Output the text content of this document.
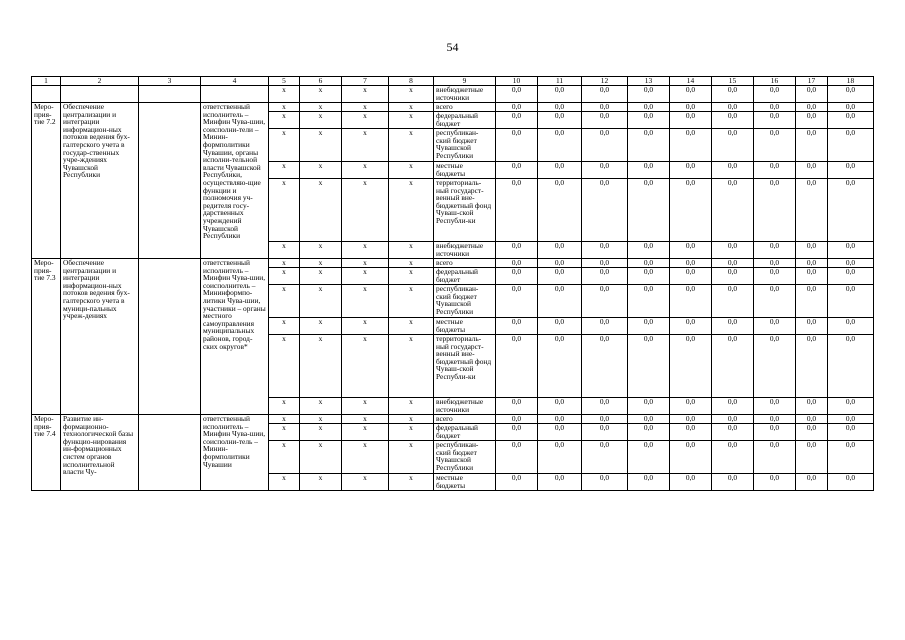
54
1	2	3	4	5	6	7	8	9	10	11	12	13	14	15	16	17	18
				x	x	x	x	внебюджетные источники	0,0	0,0	0,0	0,0	0,0	0,0	0,0	0,0	0,0
Меро-прия-тие 7.2	Обеспечение централизации и интеграции информацион-ных потоков ведения бух-галтерского учета в государ-ственных учре-ждениях Чувашской Республики		ответственный исполнитель – Минфин Чува-шии, соисполни-тели – Минин-формполитики Чувашии, органы исполни-тельной власти Чувашской Республики, осуществляю-щие функции и полномочия уч-редителя госу-дарственных учреждений Чувашской Республики	x	x	x	x	всего	0,0	0,0	0,0	0,0	0,0	0,0	0,0	0,0	0,0
				x	x	x	x	федеральный бюджет	0,0	0,0	0,0	0,0	0,0	0,0	0,0	0,0	0,0
				x	x	x	x	республикан-ский бюджет Чувашской Республики	0,0	0,0	0,0	0,0	0,0	0,0	0,0	0,0	0,0
				x	x	x	x	местные бюджеты	0,0	0,0	0,0	0,0	0,0	0,0	0,0	0,0	0,0
				x	x	x	x	территориаль-ный государст-венный вне-бюджетный фонд Чуваш-ской Республи-ки	0,0	0,0	0,0	0,0	0,0	0,0	0,0	0,0	0,0
				x	x	x	x	внебюджетные источники	0,0	0,0	0,0	0,0	0,0	0,0	0,0	0,0	0,0
Меро-прия-тие 7.3	Обеспечение централизации и интеграции информацион-ных потоков ведения бух-галтерского учета в муници-пальных учреж-дениях		ответственный исполнитель – Минфин Чува-шии, соисполнитель – Мининформпо-литики Чува-шии, участники – органы местного самоуправления муниципальных районов, город-ских округов*	x	x	x	x	всего	0,0	0,0	0,0	0,0	0,0	0,0	0,0	0,0	0,0
				x	x	x	x	федеральный бюджет	0,0	0,0	0,0	0,0	0,0	0,0	0,0	0,0	0,0
				x	x	x	x	республикан-ский бюджет Чувашской Республики	0,0	0,0	0,0	0,0	0,0	0,0	0,0	0,0	0,0
				x	x	x	x	местные бюджеты	0,0	0,0	0,0	0,0	0,0	0,0	0,0	0,0	0,0
				x	x	x	x	территориаль-ный государст-венный вне-бюджетный фонд Чуваш-ской Республи-ки	0,0	0,0	0,0	0,0	0,0	0,0	0,0	0,0	0,0
				x	x	x	x	внебюджетные источники	0,0	0,0	0,0	0,0	0,0	0,0	0,0	0,0	0,0
Меро-прия-тие 7.4	Развитие ин-формационно-технологической базы функцио-нирования ин-формационных систем органов исполнительной власти Чу-		ответственный исполнитель – Минфин Чува-шии, соисполни-тель – Минин-формполитики Чувашии	x	x	x	x	всего	0,0	0,0	0,0	0,0	0,0	0,0	0,0	0,0	0,0
				x	x	x	x	федеральный бюджет	0,0	0,0	0,0	0,0	0,0	0,0	0,0	0,0	0,0
				x	x	x	x	республикан-ский бюджет Чувашской Республики	0,0	0,0	0,0	0,0	0,0	0,0	0,0	0,0	0,0
				x	x	x	x	местные бюджеты	0,0	0,0	0,0	0,0	0,0	0,0	0,0	0,0	0,0
